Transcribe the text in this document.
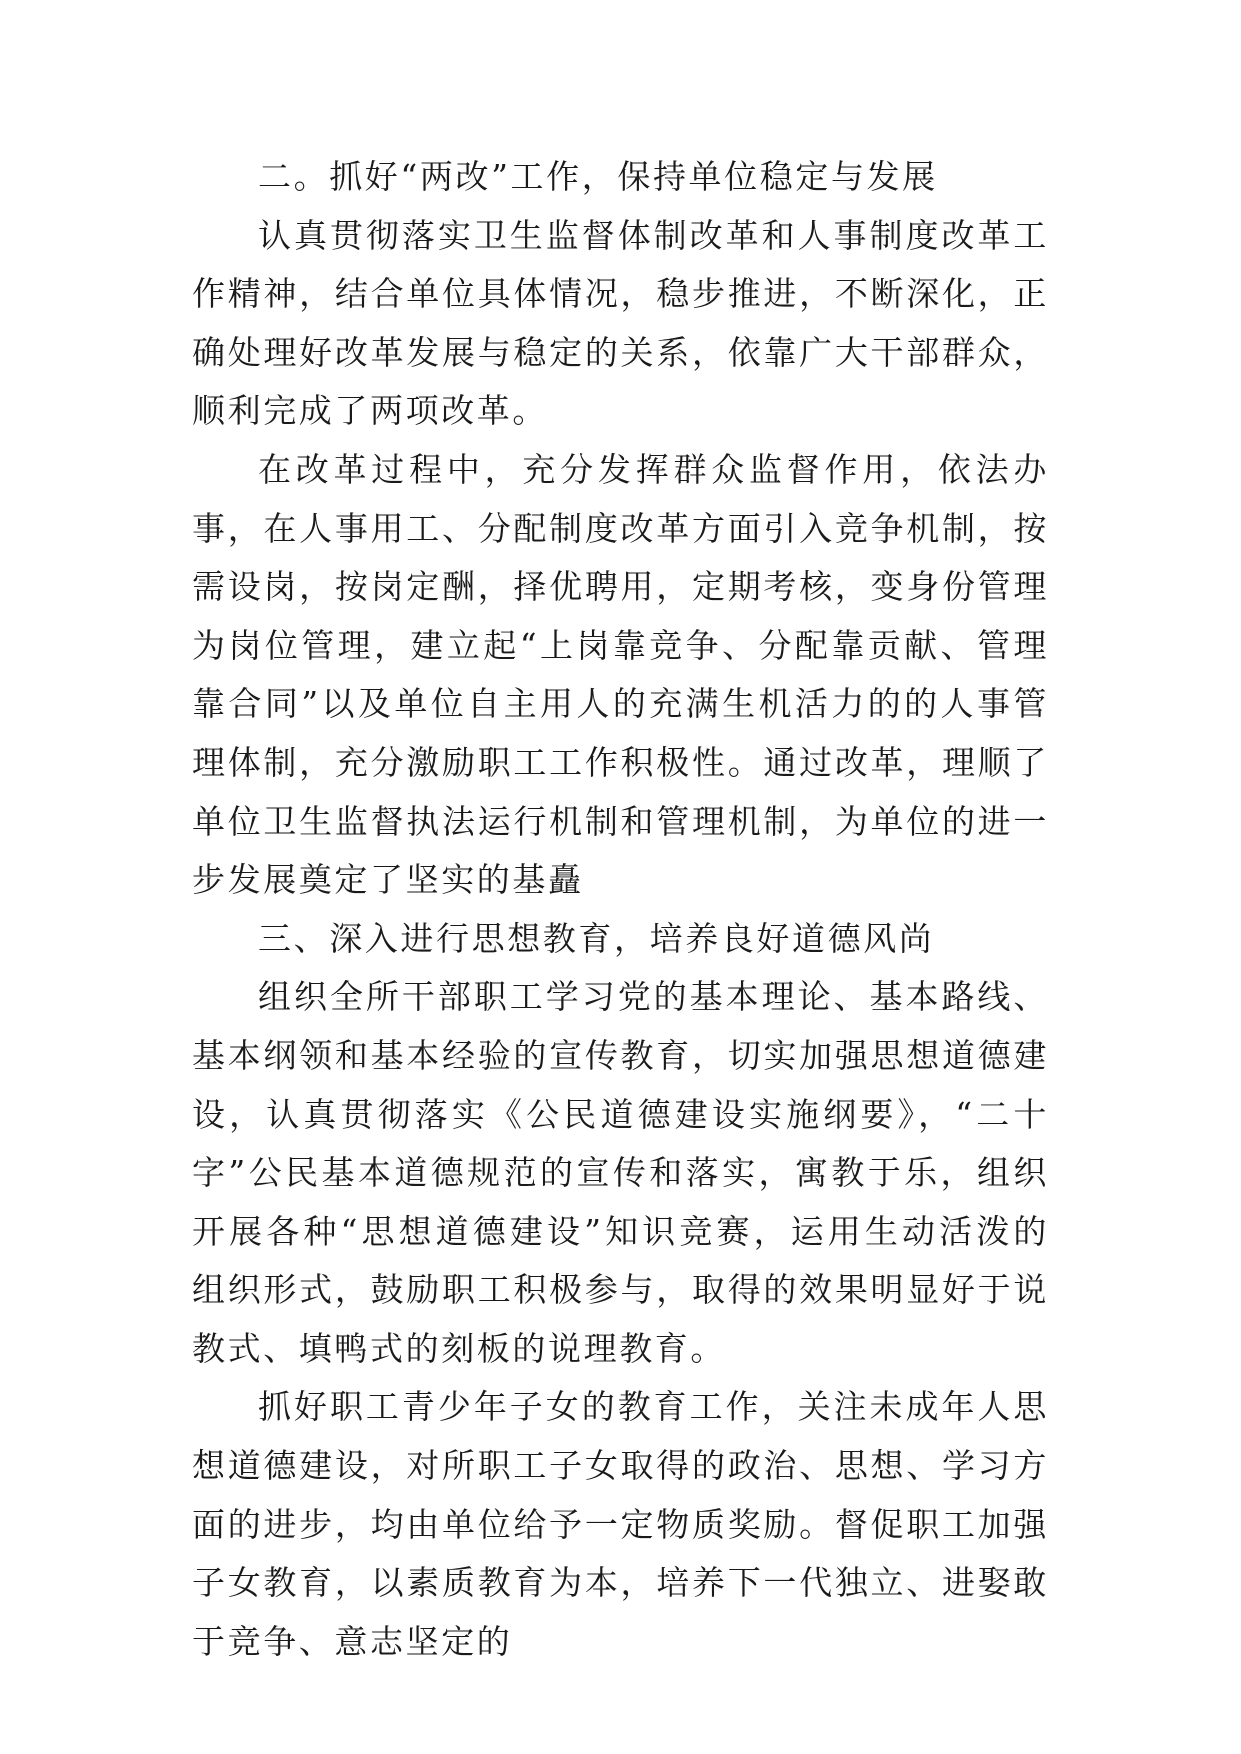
二。抓好“两改”工作，保持单位稳定与发展

认真贯彻落实卫生监督体制改革和人事制度改革工作精神，结合单位具体情况，稳步推进，不断深化，正确处理好改革发展与稳定的关系，依靠广大干部群众，顺利完成了两项改革。

在改革过程中，充分发挥群众监督作用，依法办事，在人事用工、分配制度改革方面引入竞争机制，按需设岗，按岗定酬，择优聘用，定期考核，变身份管理为岗位管理，建立起“上岗靠竞争、分配靠贡献、管理靠合同”以及单位自主用人的充满生机活力的的人事管理体制，充分激励职工工作积极性。通过改革，理顺了单位卫生监督执法运行机制和管理机制，为单位的进一步发展奠定了坚实的基矗

三、深入进行思想教育，培养良好道德风尚

组织全所干部职工学习党的基本理论、基本路线、基本纲领和基本经验的宣传教育，切实加强思想道德建设，认真贯彻落实《公民道德建设实施纲要》，“二十字”公民基本道德规范的宣传和落实，寓教于乐，组织开展各种“思想道德建设”知识竞赛，运用生动活泼的组织形式，鼓励职工积极参与，取得的效果明显好于说教式、填鸭式的刻板的说理教育。

抓好职工青少年子女的教育工作，关注未成年人思想道德建设，对所职工子女取得的政治、思想、学习方面的进步，均由单位给予一定物质奖励。督促职工加强子女教育，以素质教育为本，培养下一代独立、进娶敢于竞争、意志坚定的
